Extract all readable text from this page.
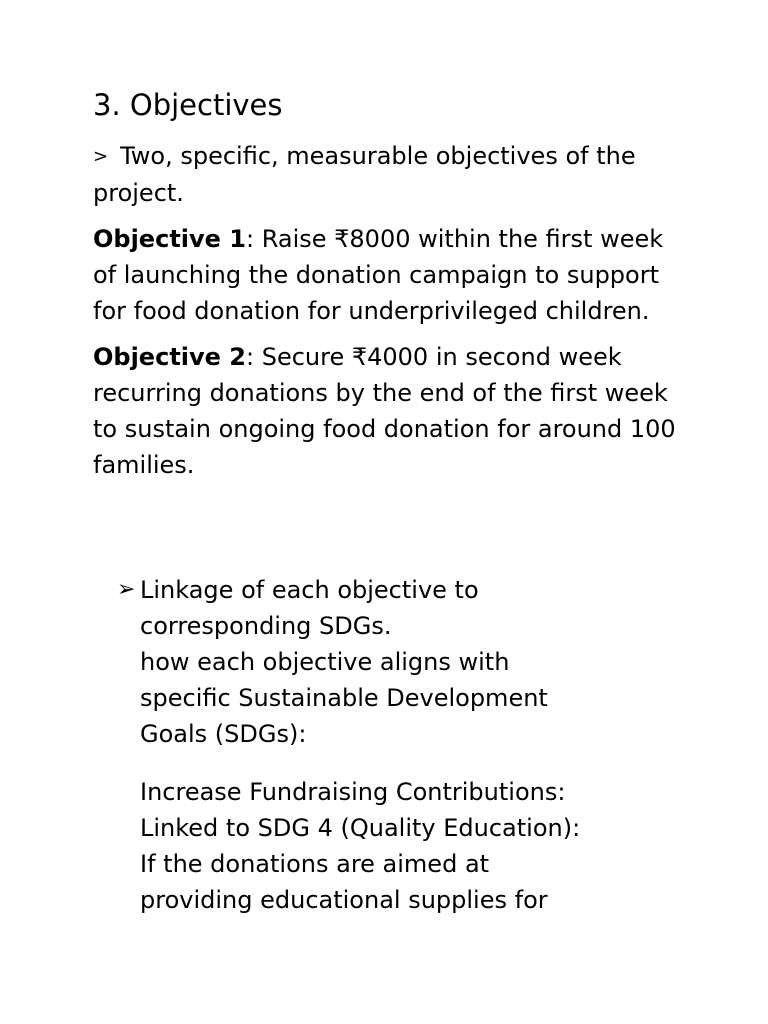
3. Objectives
> Two, specific, measurable objectives of the project.
Objective 1: Raise ₹8000 within the first week of launching the donation campaign to support for food donation for underprivileged children.
Objective 2: Secure ₹4000 in second week recurring donations by the end of the first week to sustain ongoing food donation for around 100 families.
➢ Linkage of each objective to
corresponding SDGs.
how each objective aligns with
specific Sustainable Development
Goals (SDGs):
Increase Fundraising Contributions:
Linked to SDG 4 (Quality Education):
If the donations are aimed at
providing educational supplies for
